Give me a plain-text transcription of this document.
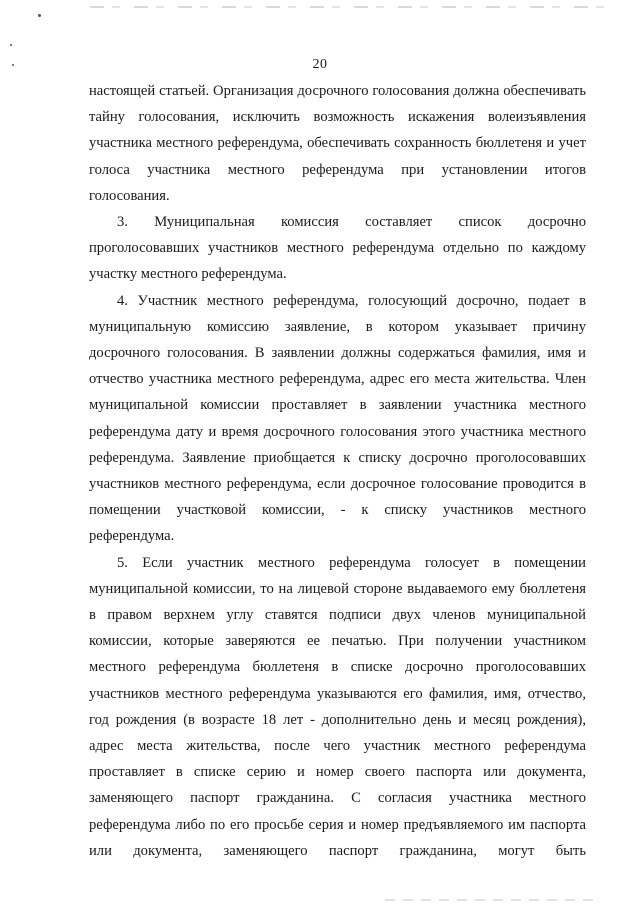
20

настоящей статьей. Организация досрочного голосования должна обеспечивать тайну голосования, исключить возможность искажения волеизъявления участника местного референдума, обеспечивать сохранность бюллетеня и учет голоса участника местного референдума при установлении итогов голосования.

3. Муниципальная комиссия составляет список досрочно проголосовавших участников местного референдума отдельно по каждому участку местного референдума.

4. Участник местного референдума, голосующий досрочно, подает в муниципальную комиссию заявление, в котором указывает причину досрочного голосования. В заявлении должны содержаться фамилия, имя и отчество участника местного референдума, адрес его места жительства. Член муниципальной комиссии проставляет в заявлении участника местного референдума дату и время досрочного голосования этого участника местного референдума. Заявление приобщается к списку досрочно проголосовавших участников местного референдума, если досрочное голосование проводится в помещении участковой комиссии, - к списку участников местного референдума.

5. Если участник местного референдума голосует в помещении муниципальной комиссии, то на лицевой стороне выдаваемого ему бюллетеня в правом верхнем углу ставятся подписи двух членов муниципальной комиссии, которые заверяются ее печатью. При получении участником местного референдума бюллетеня в списке досрочно проголосовавших участников местного референдума указываются его фамилия, имя, отчество, год рождения (в возрасте 18 лет - дополнительно день и месяц рождения), адрес места жительства, после чего участник местного референдума проставляет в списке серию и номер своего паспорта или документа, заменяющего паспорт гражданина. С согласия участника местного референдума либо по его просьбе серия и номер предъявляемого им паспорта или документа, заменяющего паспорт гражданина, могут быть
